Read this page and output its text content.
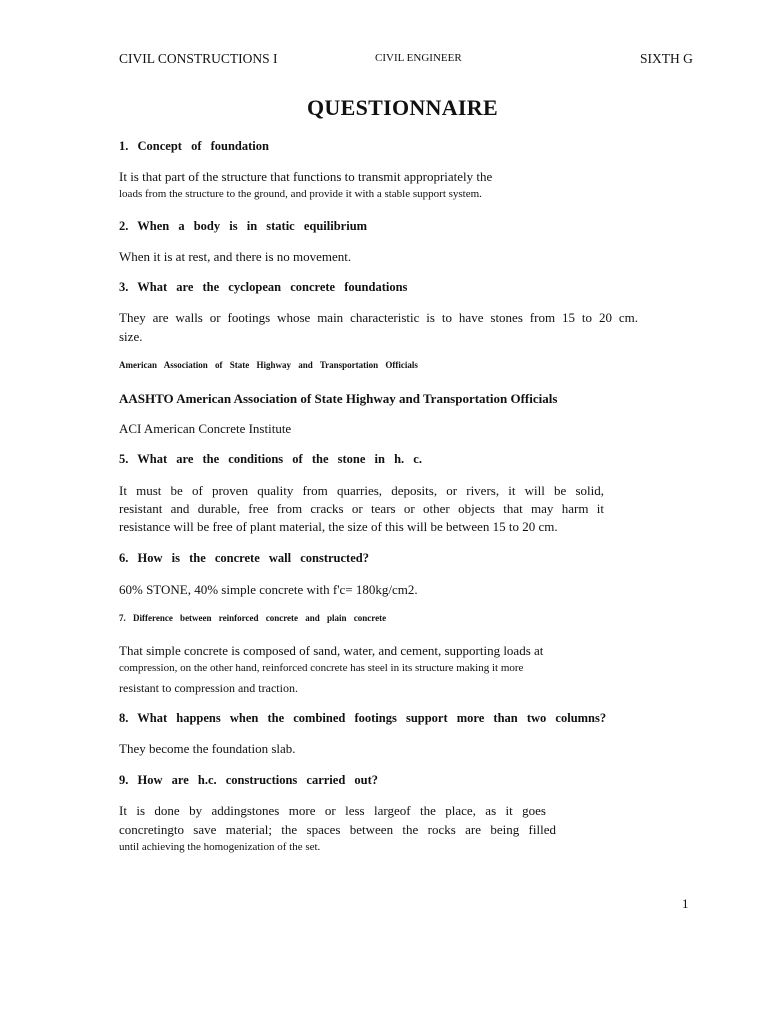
CIVIL CONSTRUCTIONS I	CIVIL ENGINEER	SIXTH G

QUESTIONNAIRE

1. Concept of foundation

It is that part of the structure that functions to transmit appropriately the

loads from the structure to the ground, and provide it with a stable support system.

2. When a body is in static equilibrium

When it is at rest, and there is no movement.

3. What are the cyclopean concrete foundations

They are walls or footings whose main characteristic is to have stones from 15 to 20 cm.

size.

American Association of State Highway and Transportation Officials

AASHTO American Association of State Highway and Transportation Officials

ACI American Concrete Institute

5. What are the conditions of the stone in h. c.

It must be of proven quality from quarries, deposits, or rivers, it will be solid,

resistant and durable, free from cracks or tears or other objects that may harm it

resistance will be free of plant material, the size of this will be between 15 to 20 cm.

6. How is the concrete wall constructed?

60% STONE, 40% simple concrete with f'c= 180kg/cm2.

7. Difference between reinforced concrete and plain concrete

That simple concrete is composed of sand, water, and cement, supporting loads at

compression, on the other hand, reinforced concrete has steel in its structure making it more

resistant to compression and traction.

8. What happens when the combined footings support more than two columns?

They become the foundation slab.

9. How are h.c. constructions carried out?

It is done by addingstones more or less largeof the place, as it goes

concretingto save material; the spaces between the rocks are being filled

until achieving the homogenization of the set.

1
